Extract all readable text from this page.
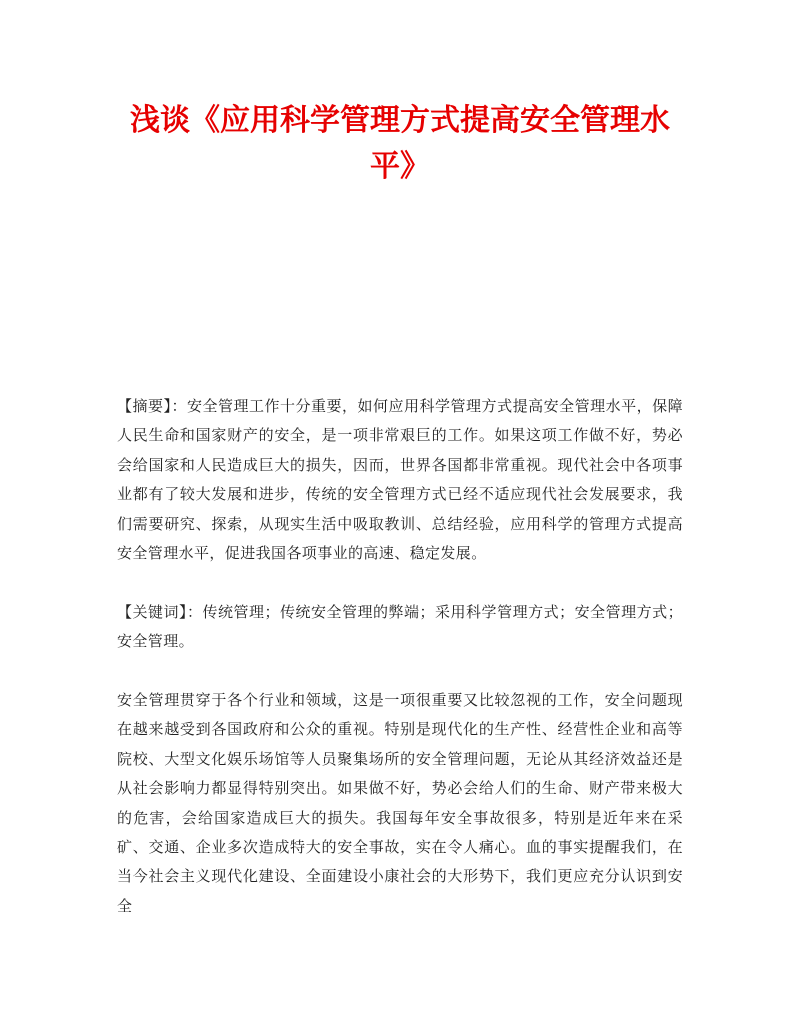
浅谈《应用科学管理方式提高安全管理水平》

【摘要】：安全管理工作十分重要，如何应用科学管理方式提高安全管理水平，保障人民生命和国家财产的安全，是一项非常艰巨的工作。如果这项工作做不好，势必会给国家和人民造成巨大的损失，因而，世界各国都非常重视。现代社会中各项事业都有了较大发展和进步，传统的安全管理方式已经不适应现代社会发展要求，我们需要研究、探索，从现实生活中吸取教训、总结经验，应用科学的管理方式提高安全管理水平，促进我国各项事业的高速、稳定发展。

【关键词】：传统管理；传统安全管理的弊端；采用科学管理方式；安全管理方式；安全管理。

安全管理贯穿于各个行业和领域，这是一项很重要又比较忽视的工作，安全问题现在越来越受到各国政府和公众的重视。特别是现代化的生产性、经营性企业和高等院校、大型文化娱乐场馆等人员聚集场所的安全管理问题，无论从其经济效益还是从社会影响力都显得特别突出。如果做不好，势必会给人们的生命、财产带来极大的危害，会给国家造成巨大的损失。我国每年安全事故很多，特别是近年来在采矿、交通、企业多次造成特大的安全事故，实在令人痛心。血的事实提醒我们，在当今社会主义现代化建设、全面建设小康社会的大形势下，我们更应充分认识到安全
